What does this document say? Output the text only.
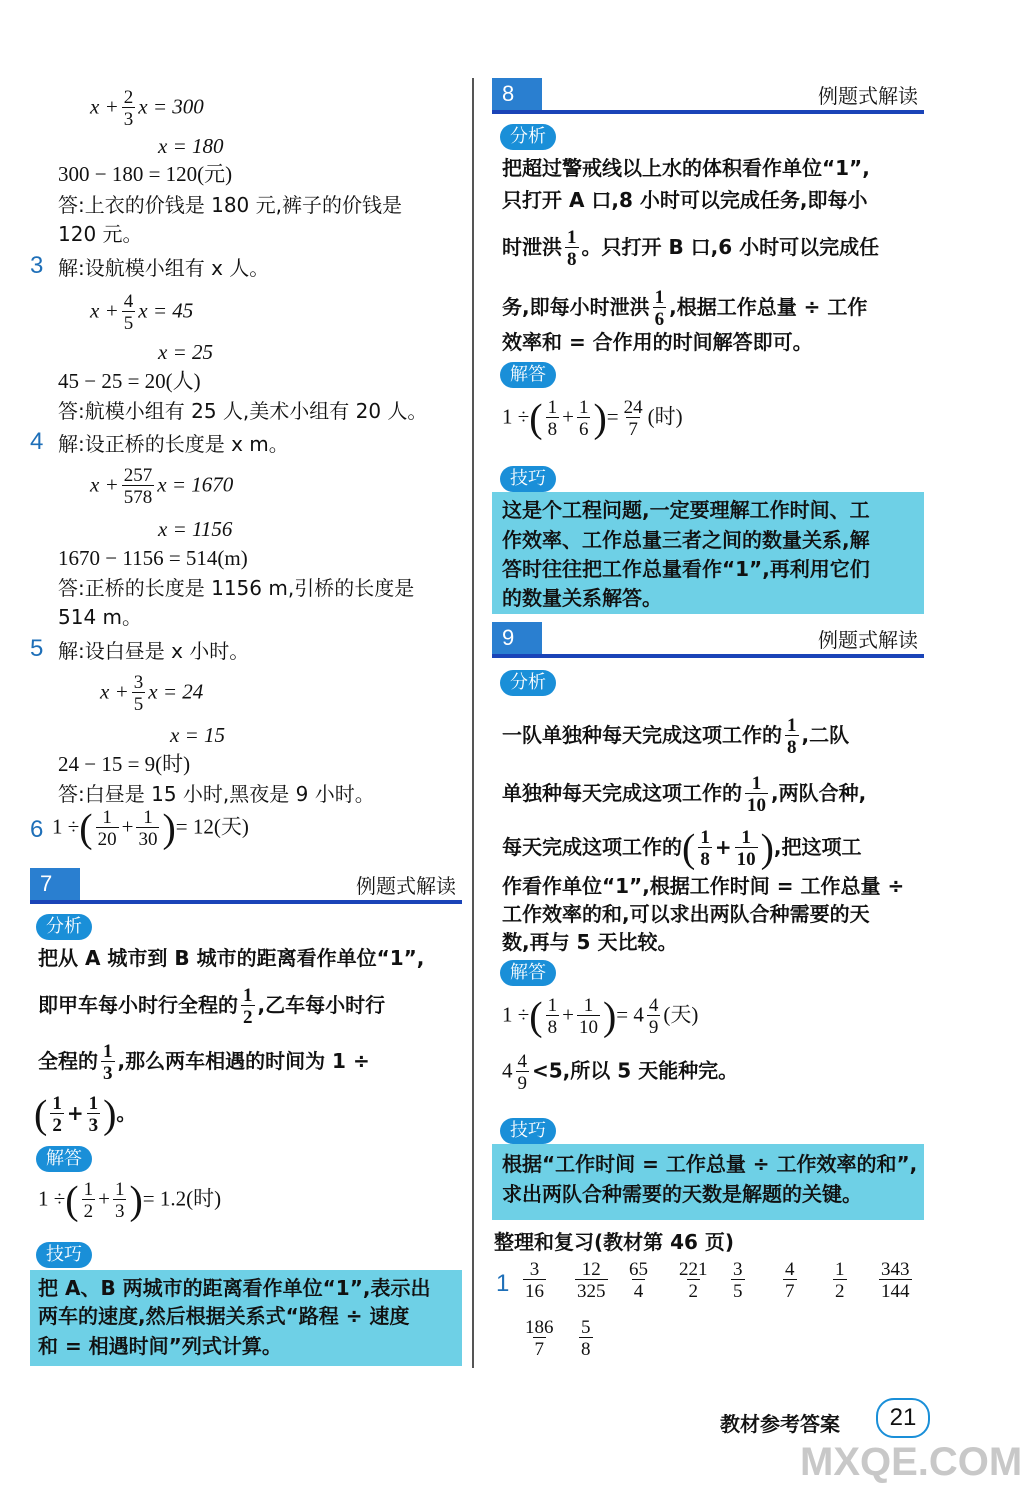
$x + \frac{2}{3}$ x = 300
x = 180
300 − 180 = 120(元)
答:上衣的价钱是 180 元,裤子的价钱是
120 元。
3 解:设航模小组有 x 人。
$x + \frac{4}{5}$ x = 45
x = 25
45 − 25 = 20(人)
答:航模小组有 25 人,美术小组有 20 人。
4 解:设正桥的长度是 x m。
$x + \frac{257}{578}$ x = 1670
x = 1156
1670 − 1156 = 514(m)
答:正桥的长度是 1156 m,引桥的长度是
514 m。
5 解:设白昼是 x 小时。
$x + \frac{3}{5}$ x = 24
x = 15
24 − 15 = 9(时)
答:白昼是 15 小时,黑夜是 9 小时。
6 1 ÷( $\frac{1}{20} + \frac{1}{30}$ )= 12(天)
7	例题式解读
分析
把从 A 城市到 B 城市的距离看作单位“1”,
即甲车每小时行全程的 $\frac{1}{2}$ ,乙车每小时行
全程的 $\frac{1}{3}$ ,那么两车相遇的时间为 1 ÷
( $\frac{1}{2} + \frac{1}{3}$ )。
解答
1 ÷( $\frac{1}{2} + \frac{1}{3}$ )= 1.2(时)
技巧
把 A、B 两城市的距离看作单位“1”,表示出
两车的速度,然后根据关系式“路程 ÷ 速度
和 = 相遇时间”列式计算。
8	例题式解读
分析
把超过警戒线以上水的体积看作单位“1”,
只打开 A 口,8 小时可以完成任务,即每小
时泄洪 $\frac{1}{8}$ 。只打开 B 口,6 小时可以完成任
务,即每小时泄洪 $\frac{1}{6}$ ,根据工作总量 ÷ 工作
效率和 = 合作用的时间解答即可。
解答
1 ÷( $\frac{1}{8} + \frac{1}{6}$ )= $\frac{24}{7}$ (时)
技巧
这是个工程问题,一定要理解工作时间、工
作效率、工作总量三者之间的数量关系,解
答时往往把工作总量看作“1”,再利用它们
的数量关系解答。
9	例题式解读
分析
一队单独种每天完成这项工作的 $\frac{1}{8}$ ,二队
单独种每天完成这项工作的 $\frac{1}{10}$ ,两队合种,
每天完成这项工作的( $\frac{1}{8} + \frac{1}{10}$ ),把这项工
作看作单位“1”,根据工作时间 = 工作总量 ÷
工作效率的和,可以求出两队合种需要的天
数,再与 5 天比较。
解答
1 ÷( $\frac{1}{8} + \frac{1}{10}$ )= $4 \frac{4}{9}$ (天)
$4 \frac{4}{9} <5$,所以 5 天能种完。
技巧
根据“工作时间 = 工作总量 ÷ 工作效率的和”,
求出两队合种需要的天数是解题的关键。
整理和复习(教材第 46 页)
$1 \frac{3}{16} \frac{12}{325} \frac{65}{4} \frac{221}{2} \frac{3}{5} \frac{4}{7} \frac{1}{2} \frac{343}{144}$
$\frac{186}{7} \frac{5}{8}$
教材参考答案	21
MXQE.COM
